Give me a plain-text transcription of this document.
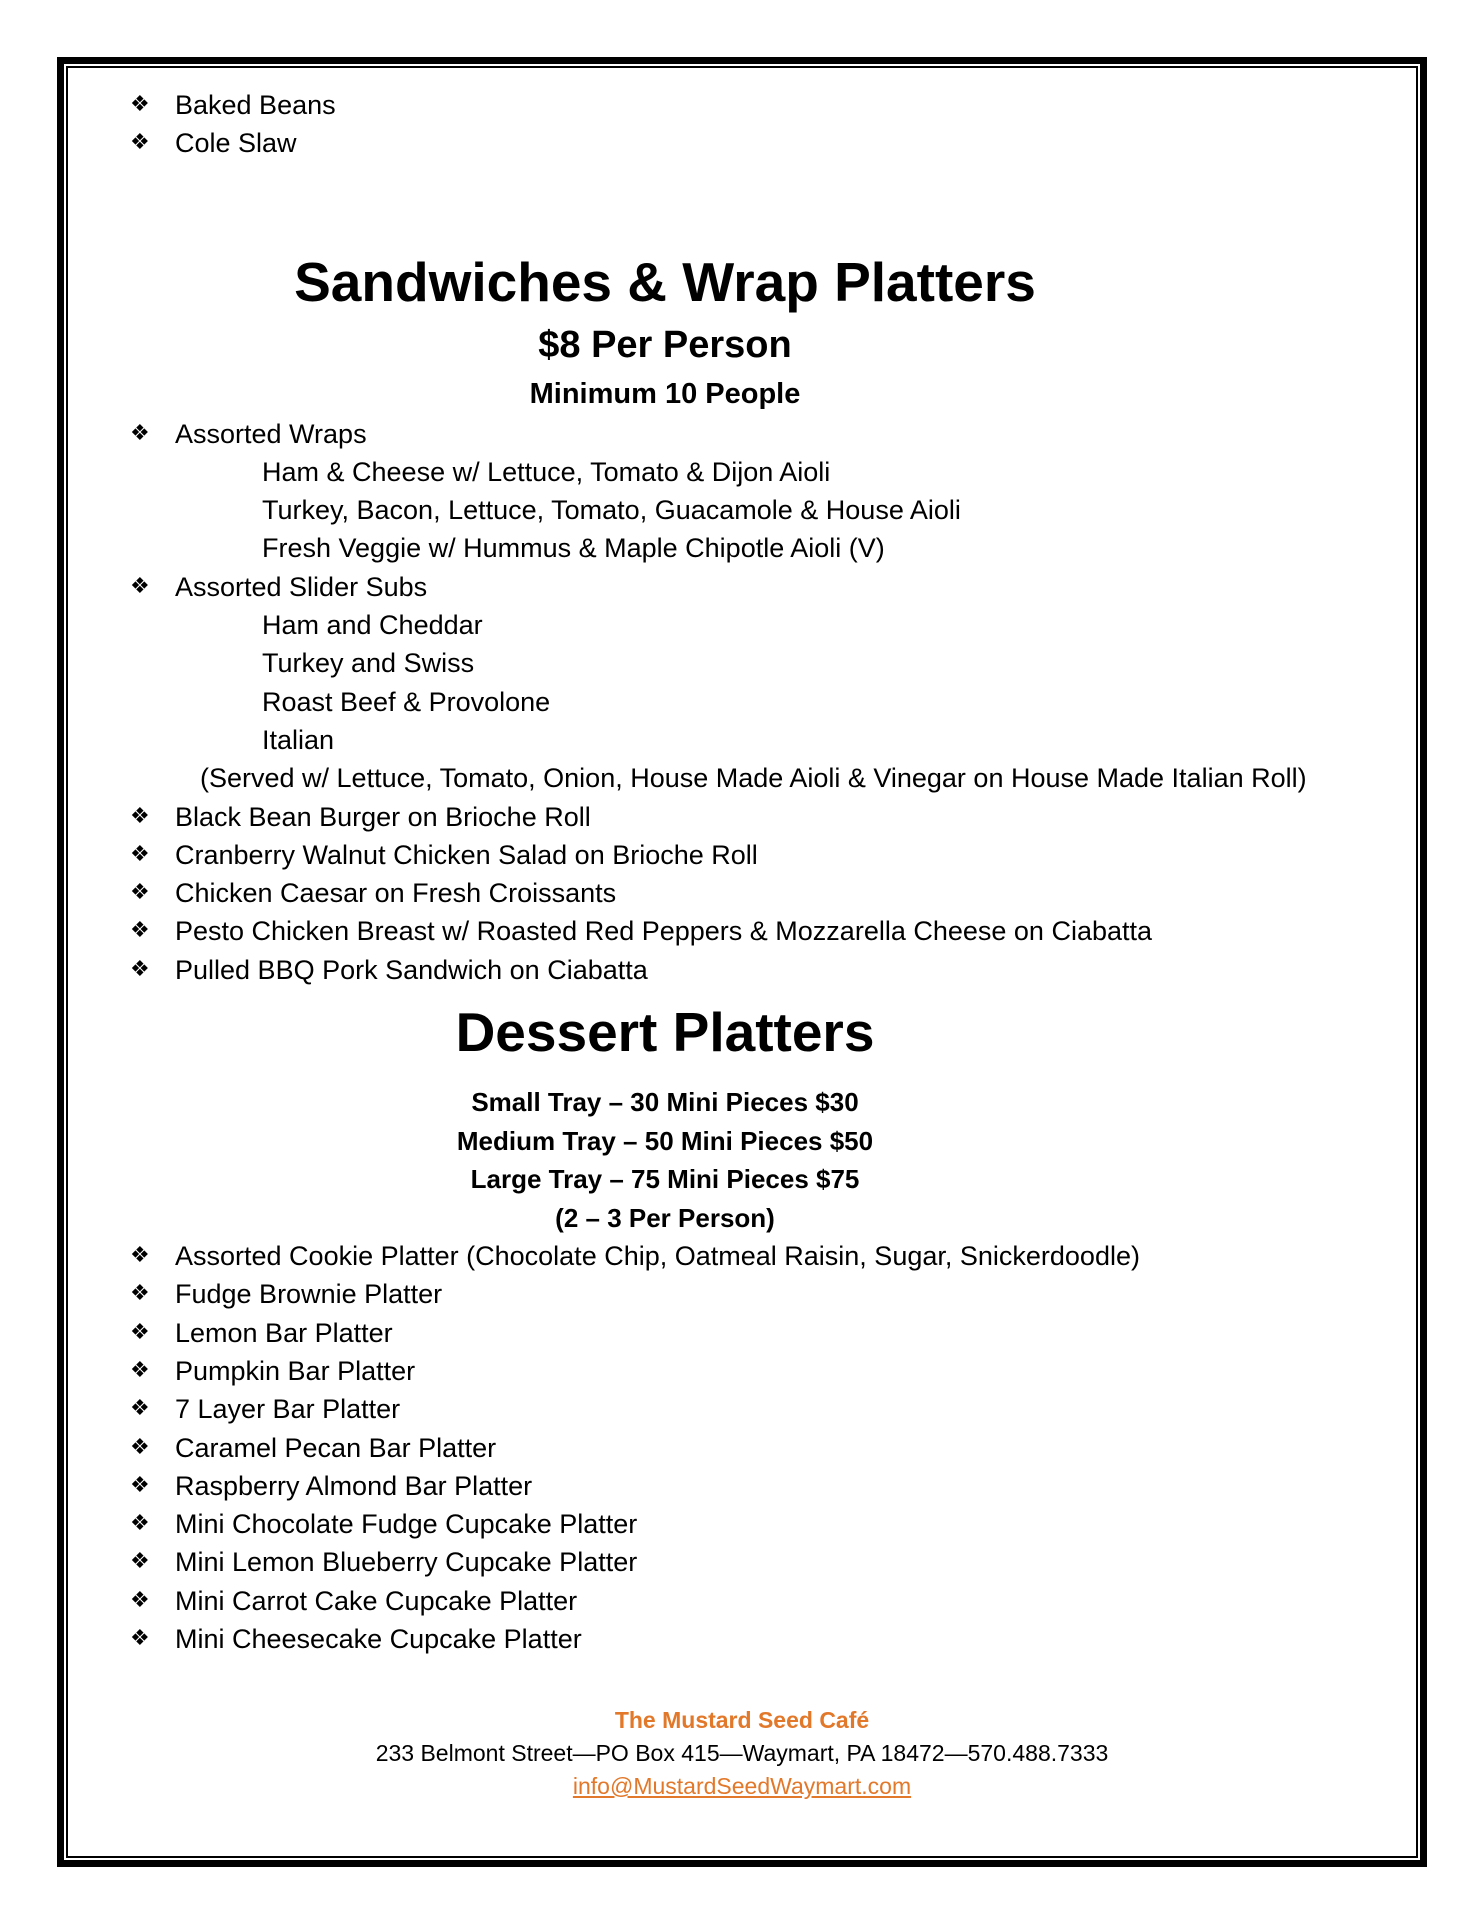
❖ Baked Beans
❖ Cole Slaw
Sandwiches & Wrap Platters
$8 Per Person
Minimum 10 People
❖ Assorted Wraps
Ham & Cheese w/ Lettuce, Tomato & Dijon Aioli
Turkey, Bacon, Lettuce, Tomato, Guacamole & House Aioli
Fresh Veggie w/ Hummus & Maple Chipotle Aioli (V)
❖ Assorted Slider Subs
Ham and Cheddar
Turkey and Swiss
Roast Beef & Provolone
Italian
(Served w/ Lettuce, Tomato, Onion, House Made Aioli & Vinegar on House Made Italian Roll)
❖ Black Bean Burger on Brioche Roll
❖ Cranberry Walnut Chicken Salad on Brioche Roll
❖ Chicken Caesar on Fresh Croissants
❖ Pesto Chicken Breast w/ Roasted Red Peppers & Mozzarella Cheese on Ciabatta
❖ Pulled BBQ Pork Sandwich on Ciabatta
Dessert Platters
Small Tray – 30 Mini Pieces $30
Medium Tray – 50 Mini Pieces $50
Large Tray – 75 Mini Pieces $75
(2 – 3 Per Person)
❖ Assorted Cookie Platter (Chocolate Chip, Oatmeal Raisin, Sugar, Snickerdoodle)
❖ Fudge Brownie Platter
❖ Lemon Bar Platter
❖ Pumpkin Bar Platter
❖ 7 Layer Bar Platter
❖ Caramel Pecan Bar Platter
❖ Raspberry Almond Bar Platter
❖ Mini Chocolate Fudge Cupcake Platter
❖ Mini Lemon Blueberry Cupcake Platter
❖ Mini Carrot Cake Cupcake Platter
❖ Mini Cheesecake Cupcake Platter
The Mustard Seed Café
233 Belmont Street—PO Box 415—Waymart, PA 18472—570.488.7333
info@MustardSeedWaymart.com
